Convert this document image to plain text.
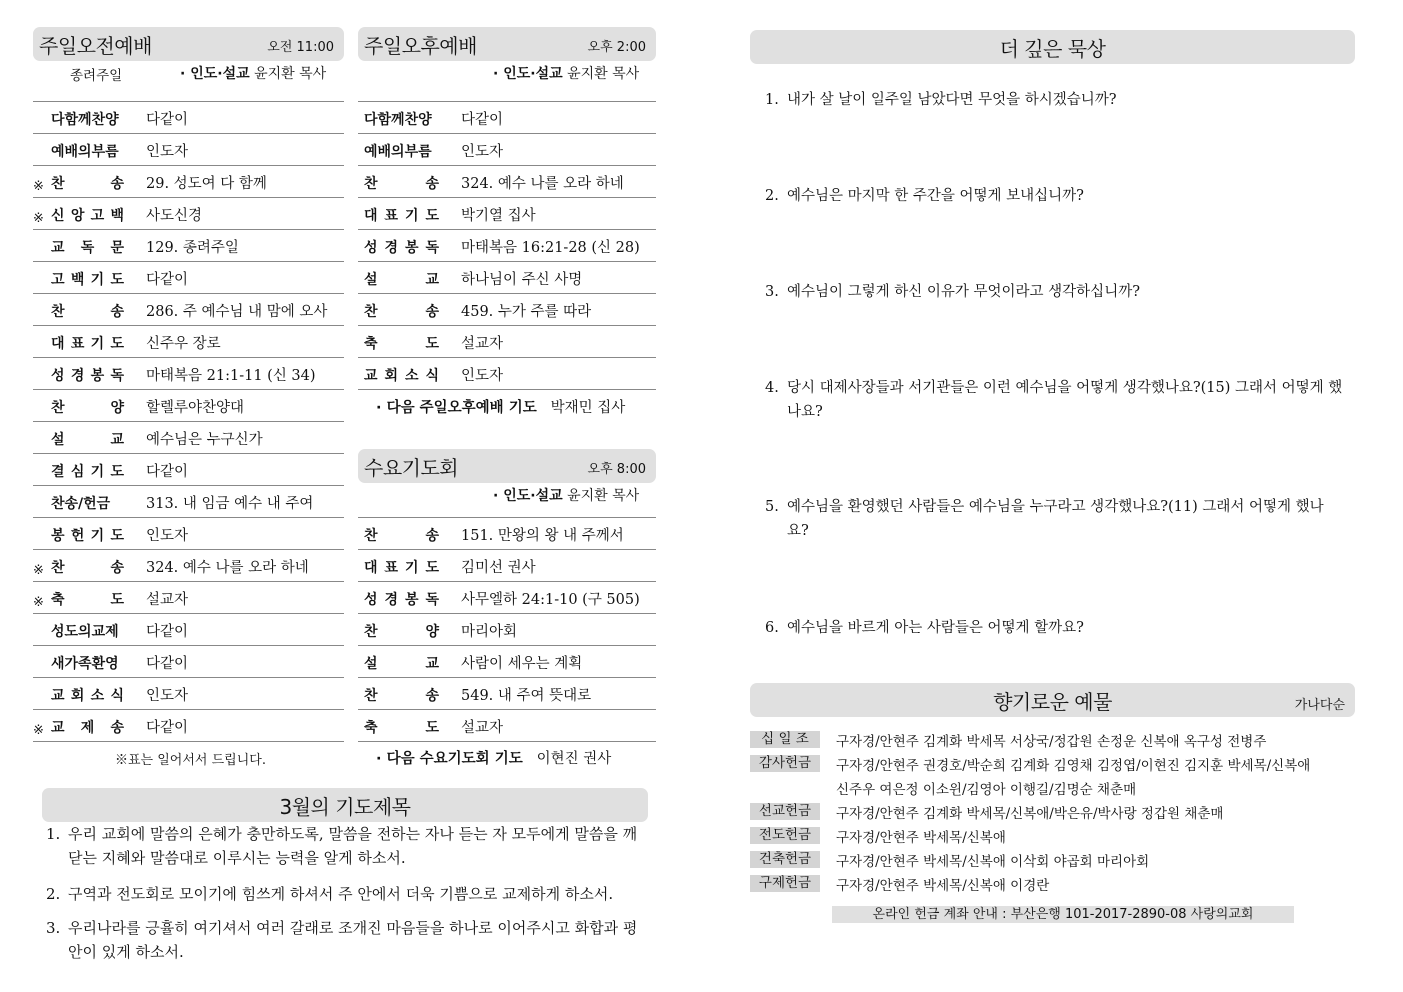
주일오전예배	오전 11:00
종려주일	· 인도·설교 윤지환 목사
다함께찬양	다같이
예배의부름	인도자
※ 찬	송	29. 성도여 다 함께
※ 신 앙 고 백	사도신경
교 독 문	129. 종려주일
고 백 기 도	다같이
찬	송	286. 주 예수님 내 맘에 오사
대 표 기 도	신주우 장로
성 경 봉 독	마태복음 21:1-11 (신 34)
찬	양	할렐루야찬양대
설	교	예수님은 누구신가
결 심 기 도	다같이
찬송/헌금	313. 내 임금 예수 내 주여
봉 헌 기 도	인도자
※ 찬	송	324. 예수 나를 오라 하네
※ 축	도	설교자
성도의교제	다같이
새가족환영	다같이
교 회 소 식	인도자
※ 교 제 송	다같이
※표는 일어서서 드립니다.
주일오후예배	오후 2:00
· 인도·설교 윤지환 목사
다함께찬양	다같이
예배의부름	인도자
찬	송	324. 예수 나를 오라 하네
대 표 기 도	박기열 집사
성 경 봉 독	마태복음 16:21-28 (신 28)
설	교	하나님이 주신 사명
찬	송	459. 누가 주를 따라
축	도	설교자
교 회 소 식	인도자
· 다음 주일오후예배 기도 박재민 집사
수요기도회	오후 8:00
· 인도·설교 윤지환 목사
찬	송	151. 만왕의 왕 내 주께서
대 표 기 도	김미선 권사
성 경 봉 독	사무엘하 24:1-10 (구 505)
찬	양	마리아회
설	교	사람이 세우는 계획
찬	송	549. 내 주여 뜻대로
축	도	설교자
· 다음 수요기도회 기도 이현진 권사
3월의 기도제목
1. 우리 교회에 말씀의 은혜가 충만하도록, 말씀을 전하는 자나 듣는 자 모두에게 말씀을 깨닫는 지혜와 말씀대로 이루시는 능력을 알게 하소서.
2. 구역과 전도회로 모이기에 힘쓰게 하셔서 주 안에서 더욱 기쁨으로 교제하게 하소서.
3. 우리나라를 긍휼히 여기셔서 여러 갈래로 조개진 마음들을 하나로 이어주시고 화합과 평안이 있게 하소서.
더 깊은 묵상
1. 내가 살 날이 일주일 남았다면 무엇을 하시겠습니까?
2. 예수님은 마지막 한 주간을 어떻게 보내십니까?
3. 예수님이 그렇게 하신 이유가 무엇이라고 생각하십니까?
4. 당시 대제사장들과 서기관들은 이런 예수님을 어떻게 생각했나요?(15) 그래서 어떻게 했나요?
5. 예수님을 환영했던 사람들은 예수님을 누구라고 생각했나요?(11) 그래서 어떻게 했나요?
6. 예수님을 바르게 아는 사람들은 어떻게 할까요?
향기로운 예물	가나다순
십 일 조	구자경/안현주 김계화 박세목 서상국/정갑원 손정운 신복애 옥구성 전병주
감사헌금	구자경/안현주 권경호/박순희 김계화 김영채 김정엽/이현진 김지훈 박세목/신복애
신주우 여은정 이소윈/김영아 이행길/김명순 채춘매
선교헌금	구자경/안현주 김계화 박세목/신복애/박은유/박사랑 정갑원 채춘매
전도헌금	구자경/안현주 박세목/신복애
건축헌금	구자경/안현주 박세목/신복애 이삭회 야곱회 마리아회
구제헌금	구자경/안현주 박세목/신복애 이경란
온라인 헌금 계좌 안내 : 부산은행 101-2017-2890-08 사랑의교회
